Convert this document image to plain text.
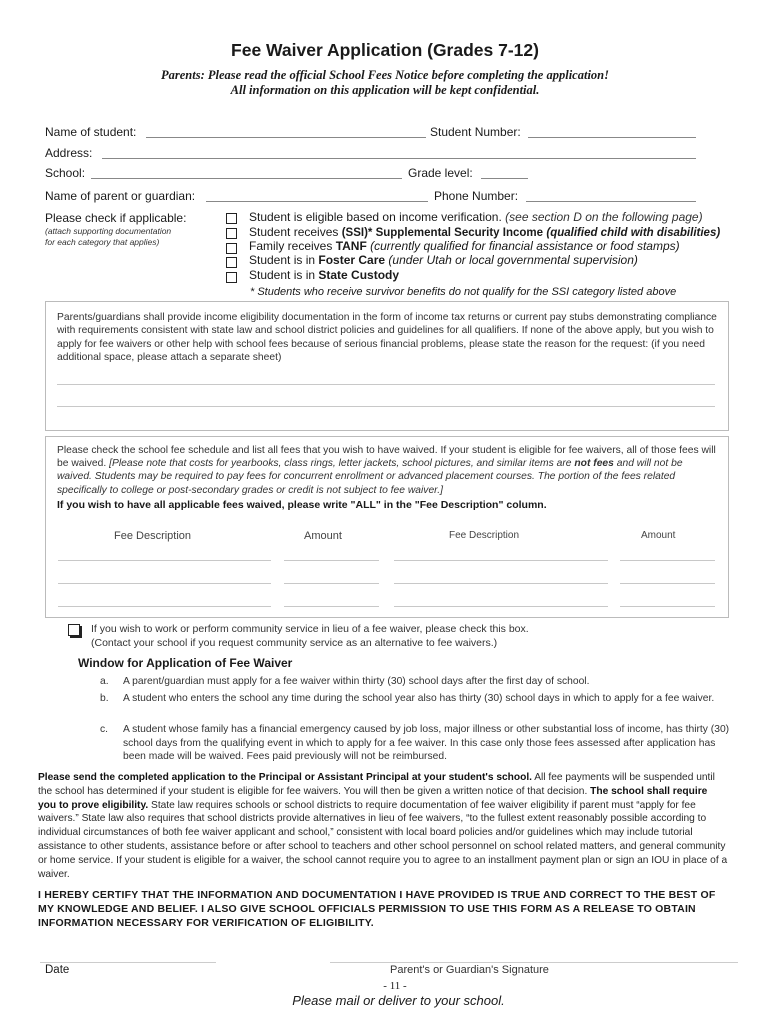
Fee Waiver Application (Grades 7-12)
Parents: Please read the official School Fees Notice before completing the application! All information on this application will be kept confidential.
Name of student:	Student Number:
Address:
School:	Grade level:
Name of parent or guardian:	Phone Number:
Please check if applicable:
(attach supporting documentation
for each category that applies)
Student is eligible based on income verification. (see section D on the following page)
Student receives (SSI)* Supplemental Security Income (qualified child with disabilities)
Family receives TANF (currently qualified for financial assistance or food stamps)
Student is in Foster Care (under Utah or local governmental supervision)
Student is in State Custody
* Students who receive survivor benefits do not qualify for the SSI category listed above
Parents/guardians shall provide income eligibility documentation in the form of income tax returns or current pay stubs demonstrating compliance with requirements consistent with state law and school district policies and guidelines for all qualifiers. If none of the above apply, but you wish to apply for fee waivers or other help with school fees because of serious financial problems, please state the reason for the request: (if you need additional space, please attach a separate sheet)
Please check the school fee schedule and list all fees that you wish to have waived. If your student is eligible for fee waivers, all of those fees will be waived. [Please note that costs for yearbooks, class rings, letter jackets, school pictures, and similar items are not fees and will not be waived. Students may be required to pay fees for concurrent enrollment or advanced placement courses. The portion of the fees related specifically to college or post-secondary grades or credit is not subject to fee waiver.]
If you wish to have all applicable fees waived, please write "ALL" in the "Fee Description" column.
Fee Description	Amount	Fee Description	Amount
If you wish to work or perform community service in lieu of a fee waiver, please check this box.
(Contact your school if you request community service as an alternative to fee waivers.)
Window for Application of Fee Waiver
a. A parent/guardian must apply for a fee waiver within thirty (30) school days after the first day of school.
b. A student who enters the school any time during the school year also has thirty (30) school days in which to apply for a fee waiver.
c. A student whose family has a financial emergency caused by job loss, major illness or other substantial loss of income, has thirty (30) school days from the qualifying event in which to apply for a fee waiver. In this case only those fees assessed after application has been made will be waived. Fees paid previously will not be reimbursed.
Please send the completed application to the Principal or Assistant Principal at your student's school. All fee payments will be suspended until the school has determined if your student is eligible for fee waivers. You will then be given a written notice of that decision. The school shall require you to prove eligibility. State law requires schools or school districts to require documentation of fee waiver eligibility if parent must “apply for fee waivers.” State law also requires that school districts provide alternatives in lieu of fee waivers, “to the fullest extent reasonably possible according to individual circumstances of both fee waiver applicant and school,” consistent with local board policies and/or guidelines which may include tutorial assistance to other students, assistance before or after school to teachers and other school personnel on school related matters, and general community or home service. If your student is eligible for a waiver, the school cannot require you to agree to an installment payment plan or sign an IOU in place of a waiver.
I HEREBY CERTIFY THAT THE INFORMATION AND DOCUMENTATION I HAVE PROVIDED IS TRUE AND CORRECT TO THE BEST OF MY KNOWLEDGE AND BELIEF. I ALSO GIVE SCHOOL OFFICIALS PERMISSION TO USE THIS FORM AS A RELEASE TO OBTAIN INFORMATION NECESSARY FOR VERIFICATION OF ELIGIBILITY.
Date	Parent's or Guardian's Signature
- 11 -
Please mail or deliver to your school.
